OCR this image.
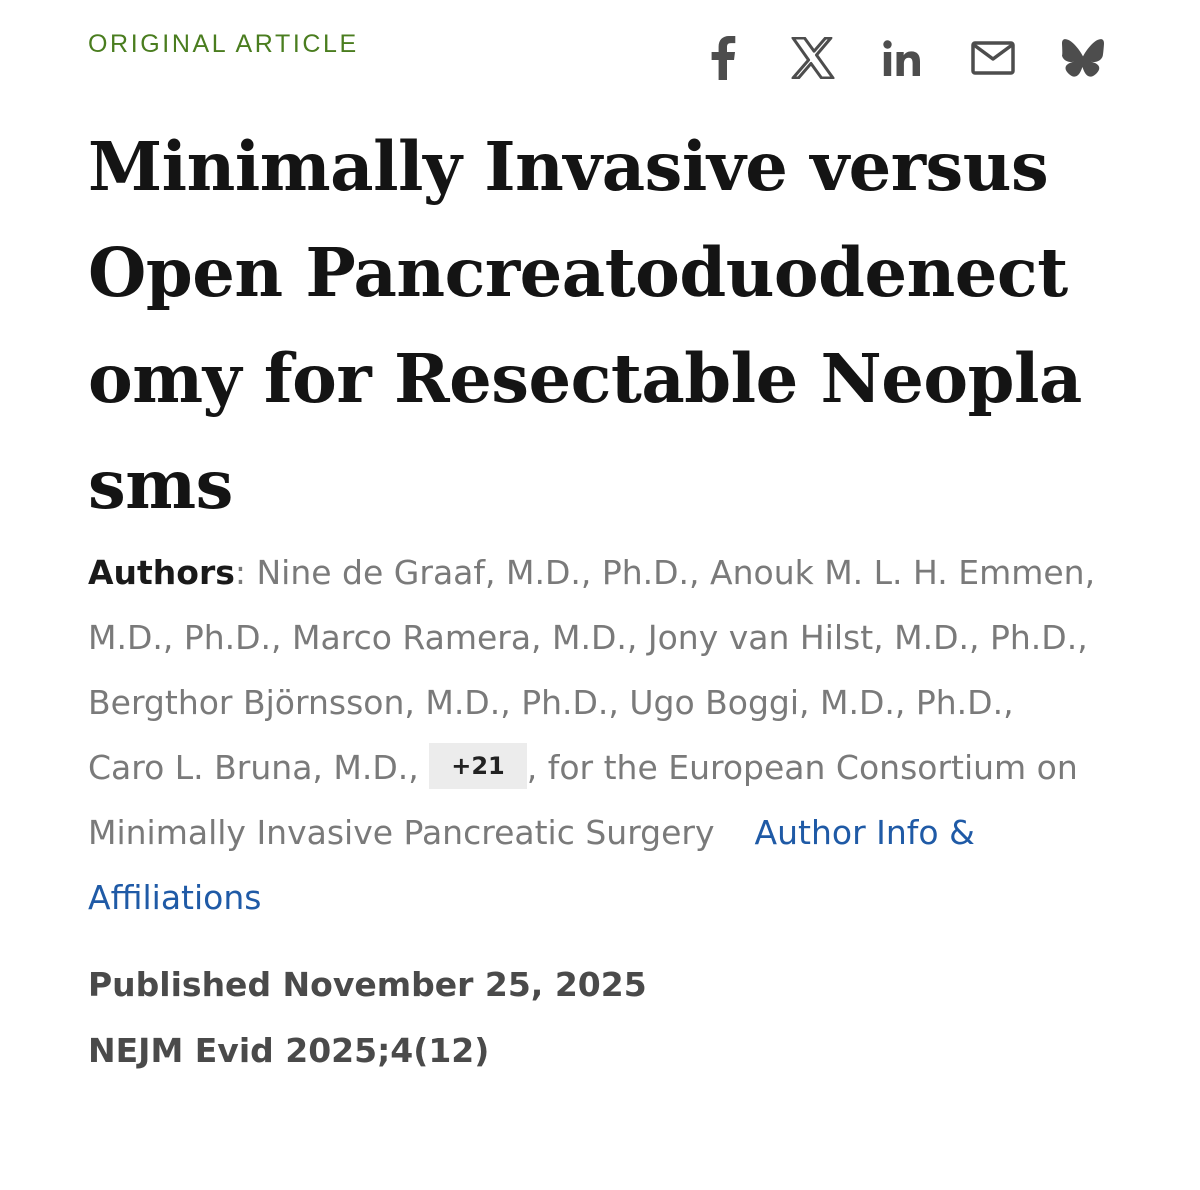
ORIGINAL ARTICLE
Minimally Invasive versus Open Pancreatoduodenectomy for Resectable Neoplasms
Authors: Nine de Graaf, M.D., Ph.D., Anouk M. L. H. Emmen, M.D., Ph.D., Marco Ramera, M.D., Jony van Hilst, M.D., Ph.D., Bergthor Björnsson, M.D., Ph.D., Ugo Boggi, M.D., Ph.D., Caro L. Bruna, M.D., +21 , for the European Consortium on Minimally Invasive Pancreatic Surgery Author Info & Affiliations
Published November 25, 2025
NEJM Evid 2025;4(12)
